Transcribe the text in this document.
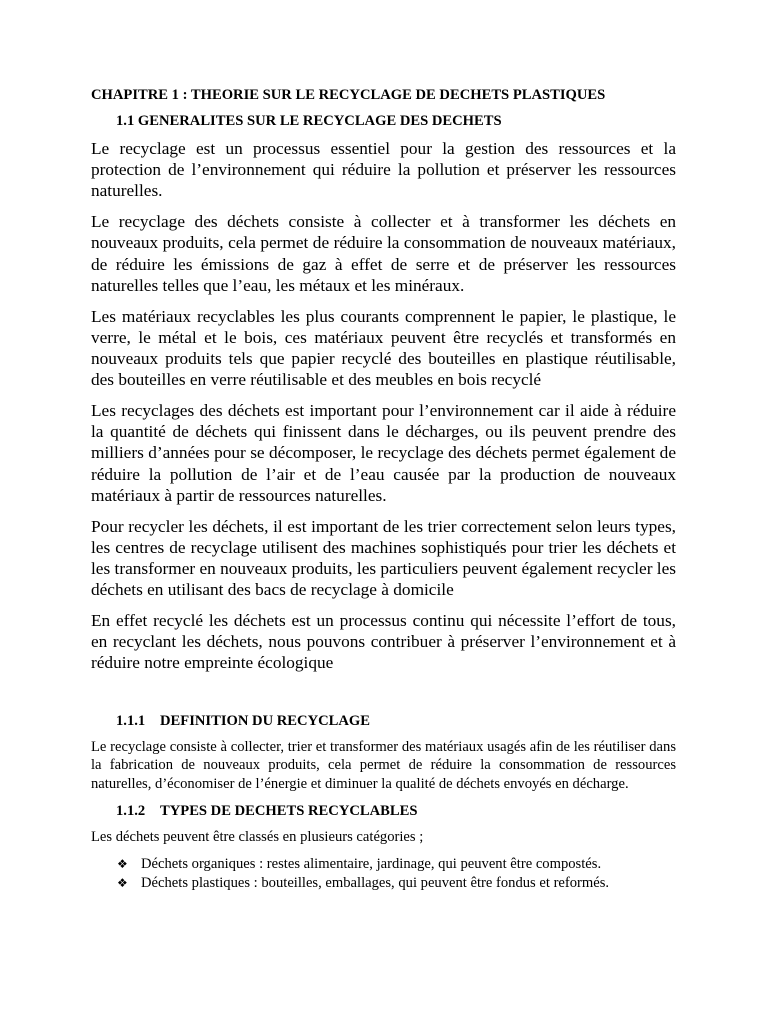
CHAPITRE 1 : THEORIE SUR LE RECYCLAGE DE DECHETS PLASTIQUES

1.1 GENERALITES SUR LE RECYCLAGE DES DECHETS

Le recyclage est un processus essentiel pour la gestion des ressources et la protection de l’environnement qui réduire la pollution et préserver les ressources naturelles.

Le recyclage des déchets consiste à collecter et à transformer les déchets en nouveaux produits, cela permet de réduire la consommation de nouveaux matériaux, de réduire les émissions de gaz à effet de serre et de préserver les ressources naturelles telles que l’eau, les métaux et les minéraux.

Les matériaux recyclables les plus courants comprennent le papier, le plastique, le verre, le métal et le bois, ces matériaux peuvent être recyclés et transformés en nouveaux produits tels que papier recyclé des bouteilles en plastique réutilisable, des bouteilles en verre réutilisable et des meubles en bois recyclé

Les recyclages des déchets est important pour l’environnement car il aide à réduire la quantité de déchets qui finissent dans le décharges, ou ils peuvent prendre des milliers d’années pour se décomposer, le recyclage des déchets permet également de réduire la pollution de l’air et de l’eau causée par la production de nouveaux matériaux à partir de ressources naturelles.

Pour recycler les déchets, il est important de les trier correctement selon leurs types, les centres de recyclage utilisent des machines sophistiqués pour trier les déchets et les transformer en nouveaux produits, les particuliers peuvent également recycler les déchets en utilisant des bacs de recyclage à domicile

En effet recyclé les déchets est un processus continu qui nécessite l’effort de tous, en recyclant les déchets, nous pouvons contribuer à préserver l’environnement et à réduire notre empreinte écologique

1.1.1 DEFINITION DU RECYCLAGE

Le recyclage consiste à collecter, trier et transformer des matériaux usagés afin de les réutiliser dans la fabrication de nouveaux produits, cela permet de réduire la consommation de ressources naturelles, d’économiser de l’énergie et diminuer la qualité de déchets envoyés en décharge.

1.1.2 TYPES DE DECHETS RECYCLABLES

Les déchets peuvent être classés en plusieurs catégories ;

❖ Déchets organiques : restes alimentaire, jardinage, qui peuvent être compostés.
❖ Déchets plastiques : bouteilles, emballages, qui peuvent être fondus et reformés.
